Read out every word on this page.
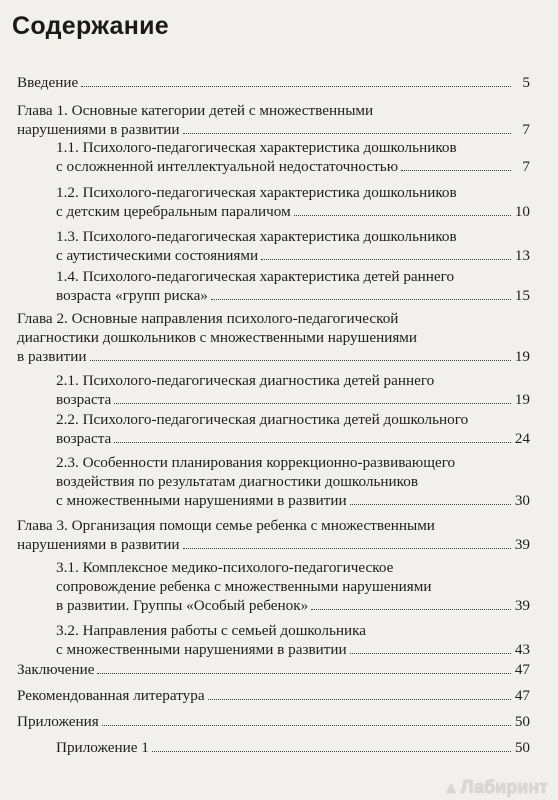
Содержание
Введение	5
Глава 1. Основные категории детей с множественными
нарушениями в развитии	7
1.1. Психолого-педагогическая характеристика дошкольников
с осложненной интеллектуальной недостаточностью	7
1.2. Психолого-педагогическая характеристика дошкольников
с детским церебральным параличом	10
1.3. Психолого-педагогическая характеристика дошкольников
с аутистическими состояниями	13
1.4. Психолого-педагогическая характеристика детей раннего
возраста «групп риска»	15
Глава 2. Основные направления психолого-педагогической
диагностики дошкольников с множественными нарушениями
в развитии	19
2.1. Психолого-педагогическая диагностика детей раннего
возраста	19
2.2. Психолого-педагогическая диагностика детей дошкольного
возраста	24
2.3. Особенности планирования коррекционно-развивающего
воздействия по результатам диагностики дошкольников
с множественными нарушениями в развитии	30
Глава 3. Организация помощи семье ребенка с множественными
нарушениями в развитии	39
3.1. Комплексное медико-психолого-педагогическое
сопровождение ребенка с множественными нарушениями
в развитии. Группы «Особый ребенок»	39
3.2. Направления работы с семьей дошкольника
с множественными нарушениями в развитии	43
Заключение	47
Рекомендованная литература	47
Приложения	50
Приложение 1	50
▲ Лабиринт
